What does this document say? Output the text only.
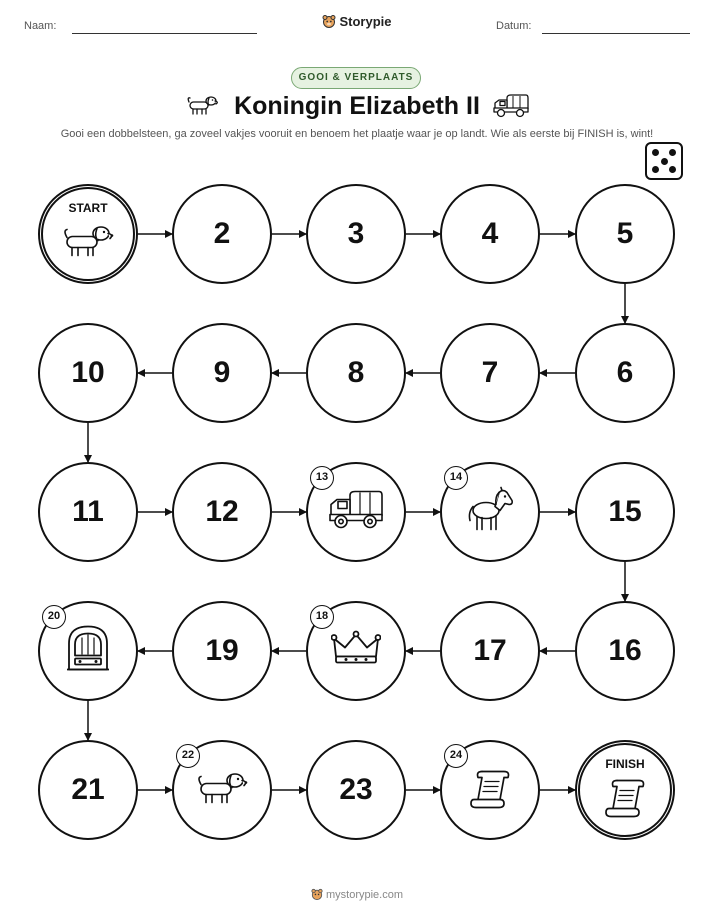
Naam:	Storypie	Datum:
GOOI & VERPLAATS
Koningin Elizabeth II
Gooi een dobbelsteen, ga zoveel vakjes vooruit en benoem het plaatje waar je op landt. Wie als eerste bij FINISH is, wint!
START
2	3	4	5
6
7
8
9
10
11	12
13	14
15
16
17
18
19
20
21
22
23
24
FINISH
mystorypie.com
